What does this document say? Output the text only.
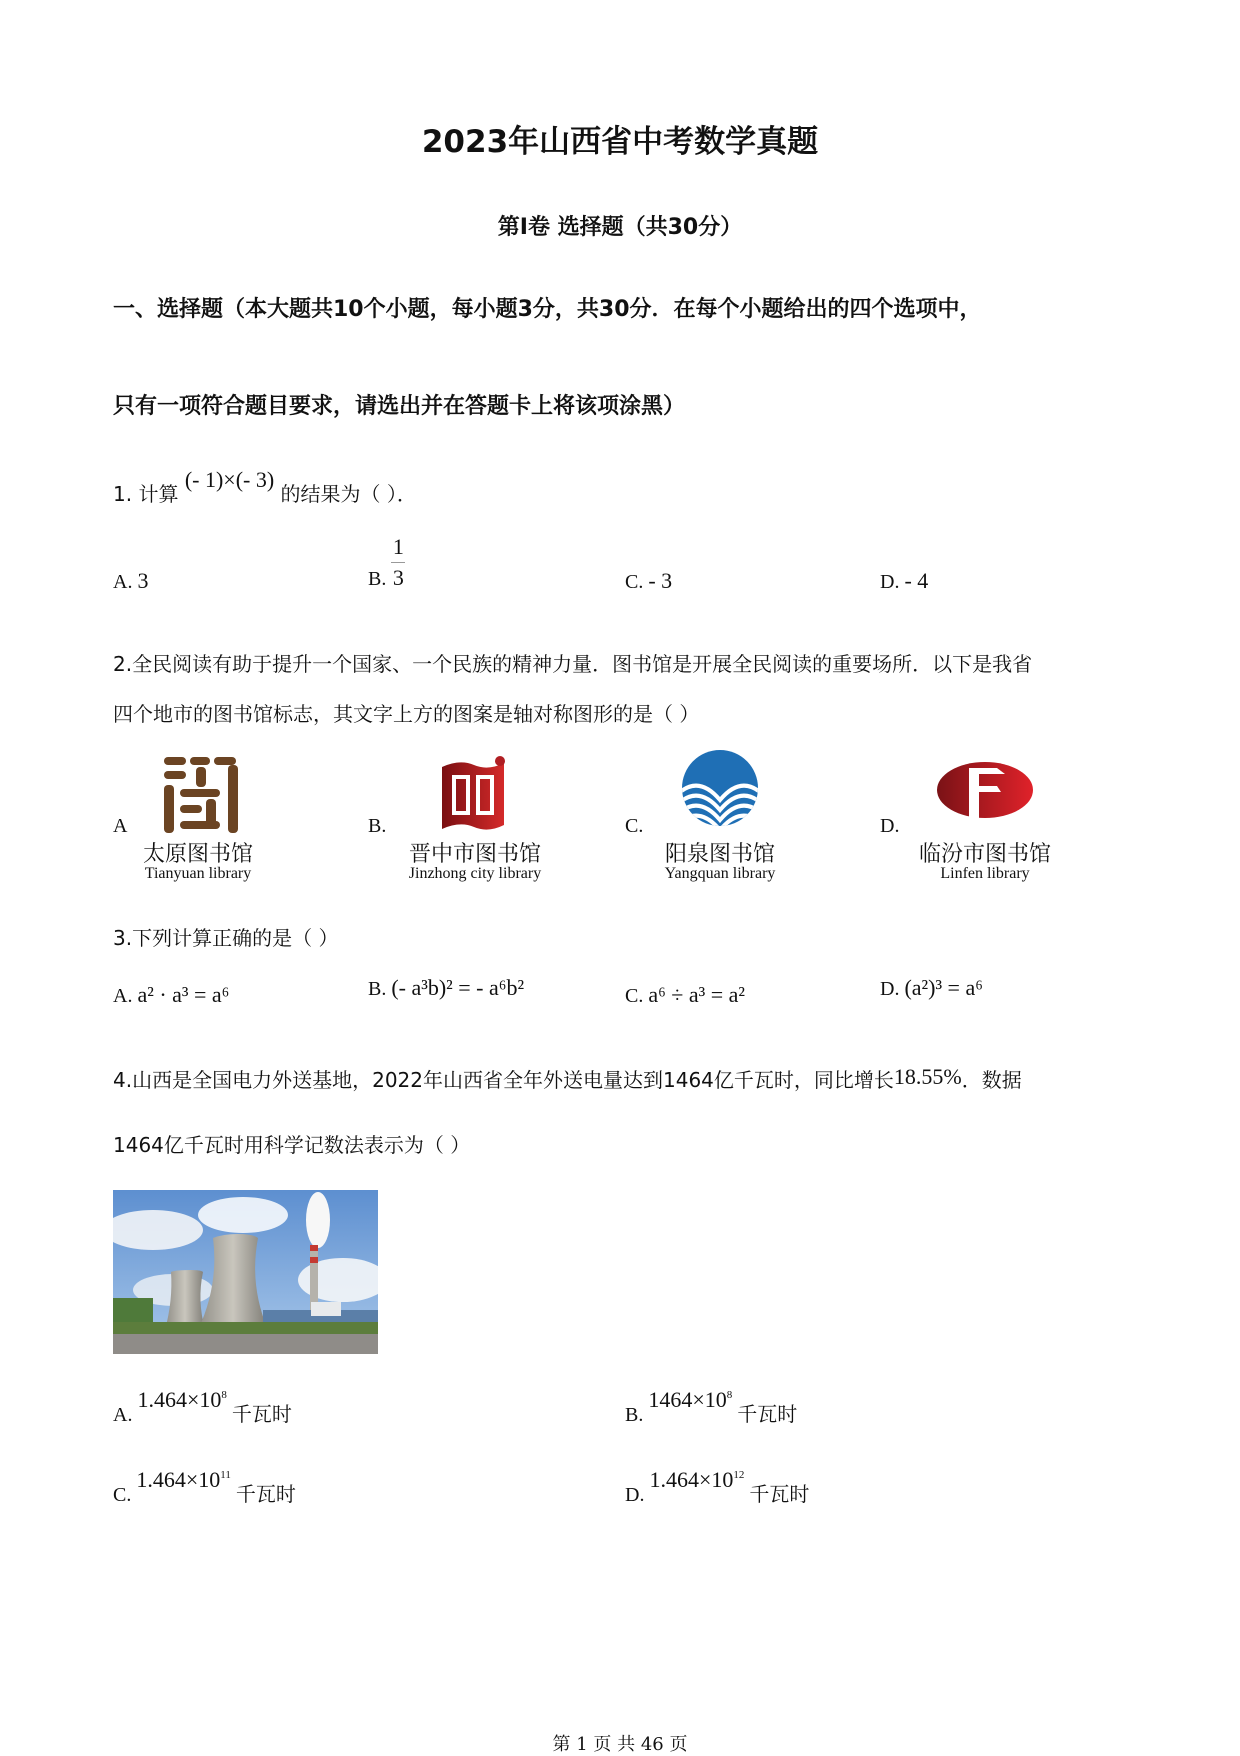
2023年山西省中考数学真题
第Ⅰ卷 选择题（共30分）
一、选择题（本大题共10个小题，每小题3分，共30分．在每个小题给出的四个选项中，
只有一项符合题目要求，请选出并在答题卡上将该项涂黑）
1. 计算 (- 1)×(- 3) 的结果为（ ）．
A. 3	B. $\frac{1}{3}$	C. - 3	D. - 4
2.全民阅读有助于提升一个国家、一个民族的精神力量．图书馆是开展全民阅读的重要场所．以下是我省
四个地市的图书馆标志，其文字上方的图案是轴对称图形的是（ ）
A
太原图书馆
Tianyuan library
B.
晋中市图书馆
Jinzhong city library
C.
阳泉图书馆
Yangquan library
D.
临汾市图书馆
Linfen library
3.下列计算正确的是（ ）
A. a² · a³ = a⁶	B. (- a³b)² = - a⁶b²	C. a⁶ ÷ a³ = a²	D. (a²)³ = a⁶
4.山西是全国电力外送基地，2022年山西省全年外送电量达到1464亿千瓦时，同比增长18.55%．数据
1464亿千瓦时用科学记数法表示为（ ）
A. $1.464\times 10^8$ 千瓦时	B. $1464\times 10^8$ 千瓦时
C. $1.464\times 10^{11}$ 千瓦时	D. $1.464\times 10^{12}$ 千瓦时
第 1 页 共 46 页
